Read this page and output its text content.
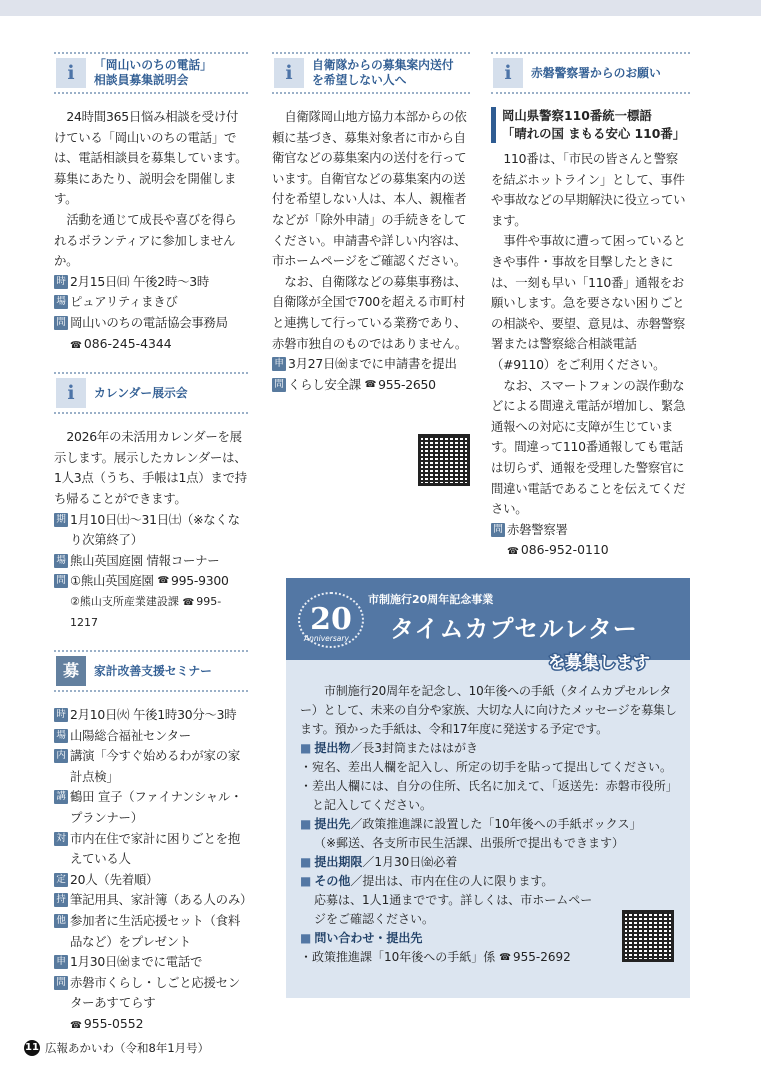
i	「岡山いのちの電話」
相談員募集説明会

24時間365日悩み相談を受け付けている「岡山いのちの電話」では、電話相談員を募集しています。募集にあたり、説明会を開催します。

活動を通じて成長や喜びを得られるボランティアに参加しませんか。

時 2月15日㈰ 午後2時～3時
場 ピュアリティまきび
問 岡山いのちの電話協会事務局
☎ 086-245-4344
i	カレンダー展示会

2026年の未活用カレンダーを展示します。展示したカレンダーは、1人3点（うち、手帳は1点）まで持ち帰ることができます。

期 1月10日㈯～31日㈯（※なくなり次第終了）
場 熊山英国庭園 情報コーナー
問 ①熊山英国庭園
☎ 995-9300
②熊山支所産業建設課 ☎ 995-1217
募	家計改善支援セミナー
時 2月10日㈫ 午後1時30分～3時
場 山陽総合福祉センター
内 講演「今すぐ始めるわが家の家計点検」
講 鶴田 宣子（ファイナンシャル・プランナー）
対 市内在住で家計に困りごとを抱えている人
定 20人（先着順）
持 筆記用具、家計簿（ある人のみ）
他 参加者に生活応援セット（食料品など）をプレゼント
申 1月30日㈮までに電話で
問 赤磐市くらし・しごと応援センターあすてらす
☎ 955-0552
i	自衛隊からの募集案内送付
を希望しない人へ

自衛隊岡山地方協力本部からの依頼に基づき、募集対象者に市から自衛官などの募集案内の送付を行っています。自衛官などの募集案内の送付を希望しない人は、本人、親権者などが「除外申請」の手続きをしてください。申請書や詳しい内容は、市ホームページをご確認ください。

なお、自衛隊などの募集事務は、自衛隊が全国で700を超える市町村と連携して行っている業務であり、赤磐市独自のものではありません。

申 3月27日㈮までに申請書を提出
問 くらし安全課
☎ 955-2650
i	赤磐警察署からのお願い
岡山県警察110番統一標語
「晴れの国 まもる安心 110番」

110番は、「市民の皆さんと警察を結ぶホットライン」として、事件や事故などの早期解決に役立っています。

事件や事故に遭って困っているときや事件・事故を目撃したときには、一刻も早い「110番」通報をお願いします。急を要さない困りごとの相談や、要望、意見は、赤磐警察署または警察総合相談電話（#9110）をご利用ください。

なお、スマートフォンの誤作動などによる間違え電話が増加し、緊急通報への対応に支障が生じています。間違って110番通報しても電話は切らず、通報を受理した警察官に間違い電話であることを伝えてください。

問 赤磐警察署
☎ 086-952-0110
20
Anniversary
市制施行20周年記念事業
タイムカプセルレター
を募集します

市制施行20周年を記念し、10年後への手紙（タイムカプセルレター）として、未来の自分や家族、大切な人に向けたメッセージを募集します。預かった手紙は、令和17年度に発送する予定です。

■ 提出物／長3封筒またははがき
・ 宛名、差出人欄を記入し、所定の切手を貼って提出してください。
・ 差出人欄には、自分の住所、氏名に加えて、「返送先：赤磐市役所」と記入してください。
■ 提出先／政策推進課に設置した「10年後への手紙ボックス」
（※郵送、各支所市民生活課、出張所で提出もできます）
■ 提出期限／1月30日㈮必着
■ その他／提出は、市内在住の人に限ります。
応募は、1人1通までです。詳しくは、市ホームページをご確認ください。
■ 問い合わせ・提出先
・ 政策推進課「10年後への手紙」係
☎ 955-2692
11 広報あかいわ（令和8年1月号）
